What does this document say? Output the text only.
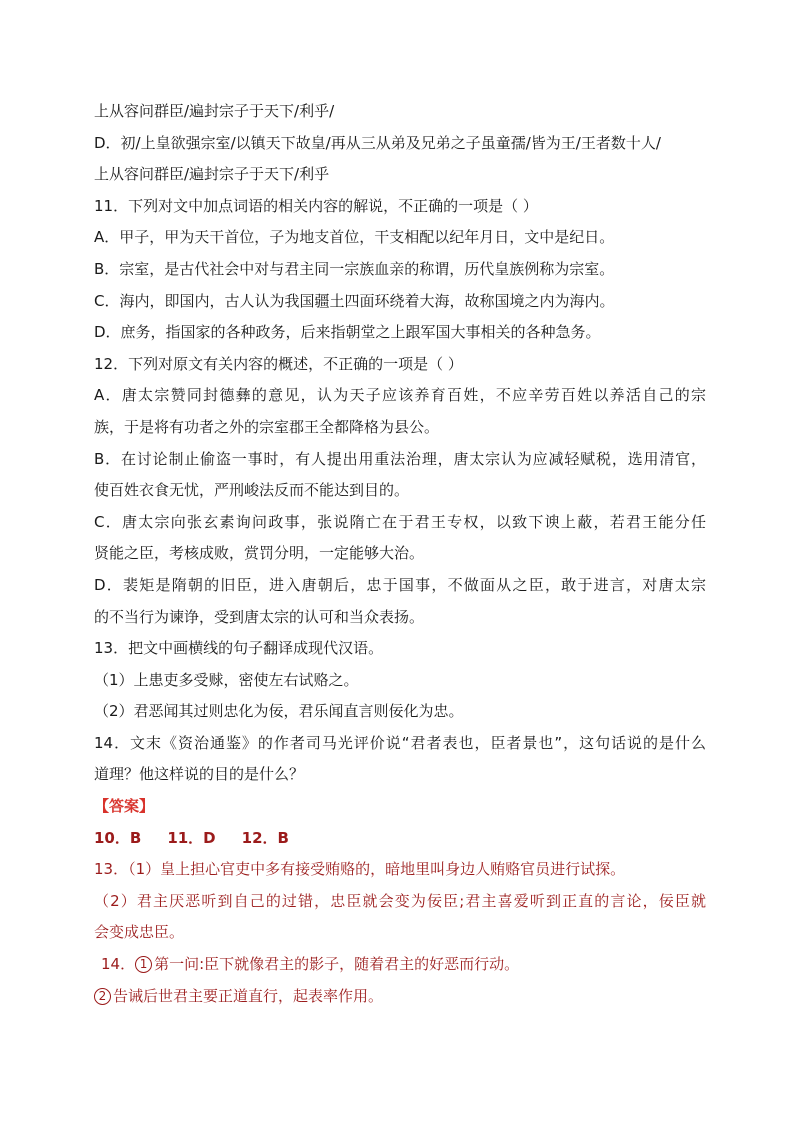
上从容问群臣/遍封宗子于天下/利乎/
D．初/上皇欲强宗室/以镇天下故皇/再从三从弟及兄弟之子虽童孺/皆为王/王者数十人/
上从容问群臣/遍封宗子于天下/利乎
11．下列对文中加点词语的相关内容的解说，不正确的一项是（ ）
A．甲子，甲为天干首位，子为地支首位，干支相配以纪年月日，文中是纪日。
B．宗室，是古代社会中对与君主同一宗族血亲的称谓，历代皇族例称为宗室。
C．海内，即国内，古人认为我国疆土四面环绕着大海，故称国境之内为海内。
D．庶务，指国家的各种政务，后来指朝堂之上跟军国大事相关的各种急务。
12．下列对原文有关内容的概述，不正确的一项是（ ）
A．唐太宗赞同封德彝的意见，认为天子应该养育百姓，不应辛劳百姓以养活自己的宗
族，于是将有功者之外的宗室郡王全都降格为县公。
B．在讨论制止偷盗一事时，有人提出用重法治理，唐太宗认为应减轻赋税，选用清官，
使百姓衣食无忧，严刑峻法反而不能达到目的。
C．唐太宗向张玄素询问政事，张说隋亡在于君王专权，以致下谀上蔽，若君王能分任
贤能之臣，考核成败，赏罚分明，一定能够大治。
D．裴矩是隋朝的旧臣，进入唐朝后，忠于国事，不做面从之臣，敢于进言，对唐太宗
的不当行为谏诤，受到唐太宗的认可和当众表扬。
13．把文中画横线的句子翻译成现代汉语。
（1）上患吏多受赇，密使左右试赂之。
（2）君恶闻其过则忠化为佞，君乐闻直言则佞化为忠。
14．文末《资治通鉴》的作者司马光评价说“君者表也，臣者景也”，这句话说的是什么
道理？他这样说的目的是什么？
【答案】
10．B 11．D 12．B
13．（1）皇上担心官吏中多有接受贿赂的，暗地里叫身边人贿赂官员进行试探。
（2）君主厌恶听到自己的过错，忠臣就会变为佞臣;君主喜爱听到正直的言论，佞臣就
会变成忠臣。
14． 1 第一问:臣下就像君主的影子，随着君主的好恶而行动。
2 告诫后世君主要正道直行，起表率作用。
